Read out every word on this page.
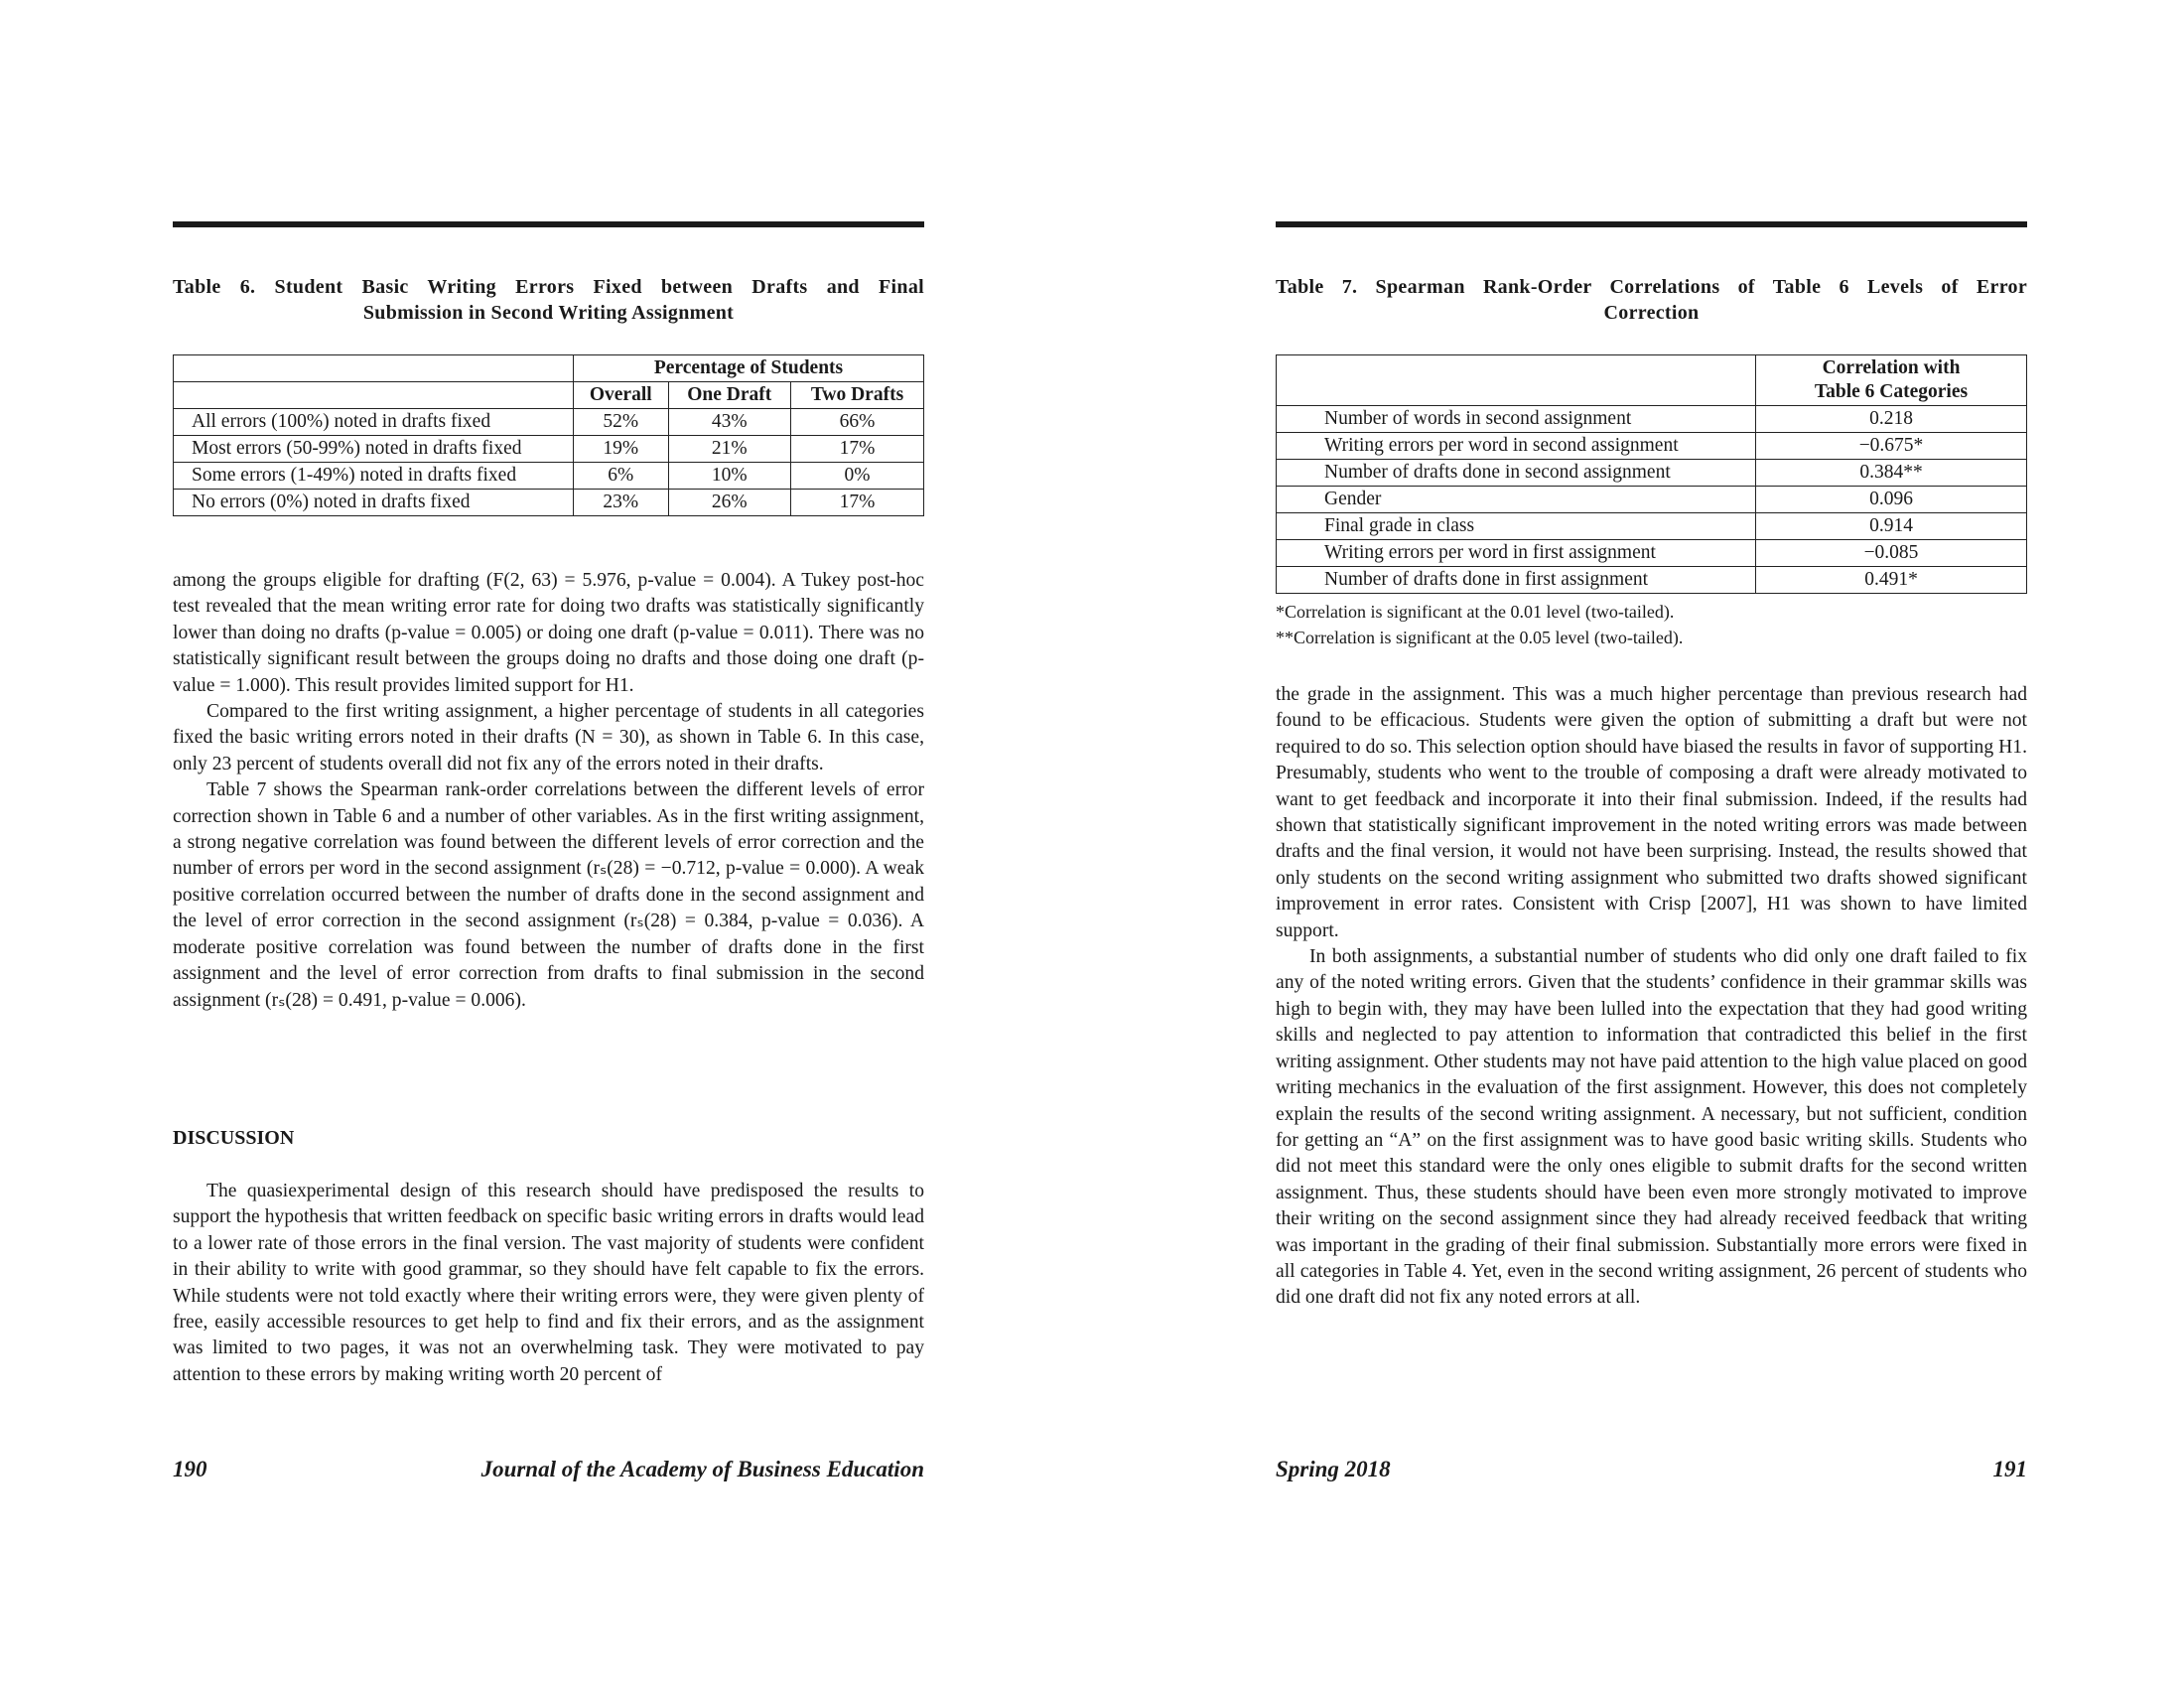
Table 6. Student Basic Writing Errors Fixed between Drafts and Final
Submission in Second Writing Assignment
	Percentage of Students		
	Overall	One Draft	Two Drafts
All errors (100%) noted in drafts fixed	52%	43%	66%
Most errors (50-99%) noted in drafts fixed	19%	21%	17%
Some errors (1-49%) noted in drafts fixed	6%	10%	0%
No errors (0%) noted in drafts fixed	23%	26%	17%

among the groups eligible for drafting (F(2, 63) = 5.976, p-value = 0.004). A Tukey post-hoc test revealed that the mean writing error rate for doing two drafts was statistically significantly lower than doing no drafts (p-value = 0.005) or doing one draft (p-value = 0.011). There was no statistically significant result between the groups doing no drafts and those doing one draft (p-value = 1.000). This result provides limited support for H1.

Compared to the first writing assignment, a higher percentage of students in all categories fixed the basic writing errors noted in their drafts (N = 30), as shown in Table 6. In this case, only 23 percent of students overall did not fix any of the errors noted in their drafts.

Table 7 shows the Spearman rank-order correlations between the different levels of error correction shown in Table 6 and a number of other variables. As in the first writing assignment, a strong negative correlation was found between the different levels of error correction and the number of errors per word in the second assignment (rₛ(28) = −0.712, p-value = 0.000). A weak positive correlation occurred between the number of drafts done in the second assignment and the level of error correction in the second assignment (rₛ(28) = 0.384, p-value = 0.036). A moderate positive correlation was found between the number of drafts done in the first assignment and the level of error correction from drafts to final submission in the second assignment (rₛ(28) = 0.491, p-value = 0.006).

DISCUSSION

The quasiexperimental design of this research should have predisposed the results to support the hypothesis that written feedback on specific basic writing errors in drafts would lead to a lower rate of those errors in the final version. The vast majority of students were confident in their ability to write with good grammar, so they should have felt capable to fix the errors. While students were not told exactly where their writing errors were, they were given plenty of free, easily accessible resources to get help to find and fix their errors, and as the assignment was limited to two pages, it was not an overwhelming task. They were motivated to pay attention to these errors by making writing worth 20 percent of

190	Journal of the Academy of Business Education
Table 7. Spearman Rank-Order Correlations of Table 6 Levels of Error
Correction

	Correlation with
Table 6 Categories

Number of words in second assignment	0.218
Writing errors per word in second assignment	−0.675*
Number of drafts done in second assignment	0.384**
Gender	0.096
Final grade in class	0.914
Writing errors per word in first assignment	−0.085
Number of drafts done in first assignment	0.491*
*Correlation is significant at the 0.01 level (two-tailed).
**Correlation is significant at the 0.05 level (two-tailed).

the grade in the assignment. This was a much higher percentage than previous research had found to be efficacious. Students were given the option of submitting a draft but were not required to do so. This selection option should have biased the results in favor of supporting H1. Presumably, students who went to the trouble of composing a draft were already motivated to want to get feedback and incorporate it into their final submission. Indeed, if the results had shown that statistically significant improvement in the noted writing errors was made between drafts and the final version, it would not have been surprising. Instead, the results showed that only students on the second writing assignment who submitted two drafts showed significant improvement in error rates. Consistent with Crisp [2007], H1 was shown to have limited support.

In both assignments, a substantial number of students who did only one draft failed to fix any of the noted writing errors. Given that the students’ confidence in their grammar skills was high to begin with, they may have been lulled into the expectation that they had good writing skills and neglected to pay attention to information that contradicted this belief in the first writing assignment. Other students may not have paid attention to the high value placed on good writing mechanics in the evaluation of the first assignment. However, this does not completely explain the results of the second writing assignment. A necessary, but not sufficient, condition for getting an “A” on the first assignment was to have good basic writing skills. Students who did not meet this standard were the only ones eligible to submit drafts for the second written assignment. Thus, these students should have been even more strongly motivated to improve their writing on the second assignment since they had already received feedback that writing was important in the grading of their final submission. Substantially more errors were fixed in all categories in Table 4. Yet, even in the second writing assignment, 26 percent of students who did one draft did not fix any noted errors at all.

Spring 2018	191
